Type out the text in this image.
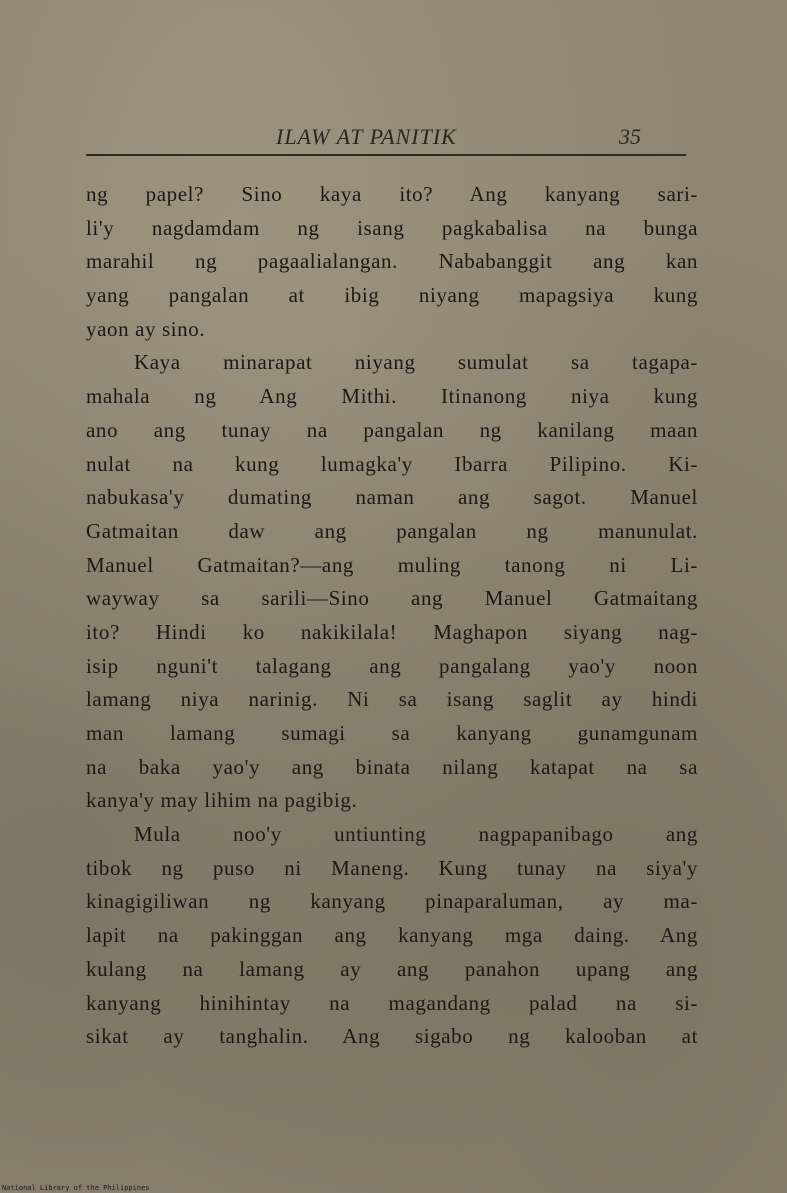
ILAW AT PANITIK	35
ng papel? Sino kaya ito? Ang kanyang sari-
li'y nagdamdam ng isang pagkabalisa na bunga
marahil ng pagaalialangan. Nababanggit ang kan
yang pangalan at ibig niyang mapagsiya kung
yaon ay sino.
Kaya minarapat niyang sumulat sa tagapa-
mahala ng Ang Mithi. Itinanong niya kung
ano ang tunay na pangalan ng kanilang maan
nulat na kung lumagka'y Ibarra Pilipino. Ki-
nabukasa'y dumating naman ang sagot. Manuel
Gatmaitan daw ang pangalan ng manunulat.
Manuel Gatmaitan?—ang muling tanong ni Li-
wayway sa sarili—Sino ang Manuel Gatmaitang
ito? Hindi ko nakikilala! Maghapon siyang nag-
isip nguni't talagang ang pangalang yao'y noon
lamang niya narinig. Ni sa isang saglit ay hindi
man lamang sumagi sa kanyang gunamgunam
na baka yao'y ang binata nilang katapat na sa
kanya'y may lihim na pagibig.
Mula noo'y untiunting nagpapanibago ang
tibok ng puso ni Maneng. Kung tunay na siya'y
kinagigiliwan ng kanyang pinaparaluman, ay ma-
lapit na pakinggan ang kanyang mga daing. Ang
kulang na lamang ay ang panahon upang ang
kanyang hinihintay na magandang palad na si-
sikat ay tanghalin. Ang sigabo ng kalooban at
National Library of the Philippines
